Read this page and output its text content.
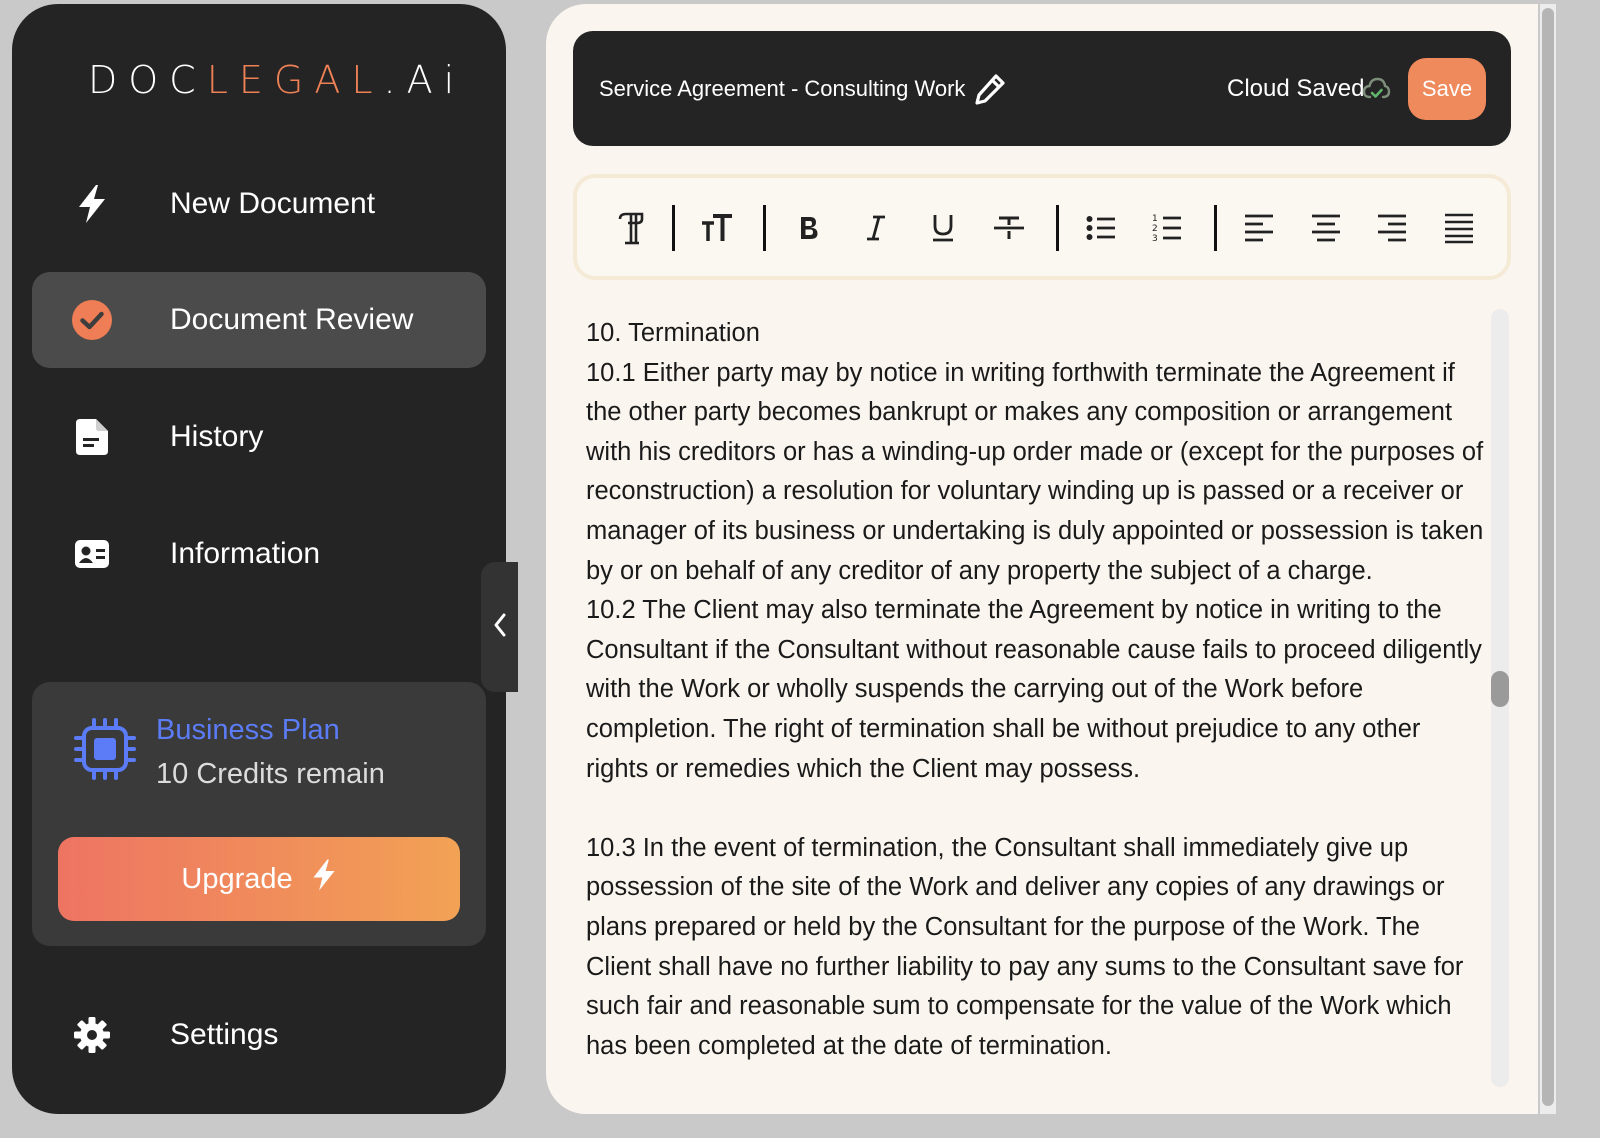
DOCLEGAL.Ai
New Document
Document Review
History
Information
Business Plan
10 Credits remain
Upgrade
Settings
Service Agreement - Consulting Work	Cloud Saved	Save
1
2
3
10. Termination
10.1 Either party may by notice in writing forthwith terminate the Agreement if the other party becomes bankrupt or makes any composition or arrangement with his creditors or has a winding-up order made or (except for the purposes of reconstruction) a resolution for voluntary winding up is passed or a receiver or manager of its business or undertaking is duly appointed or possession is taken by or on behalf of any creditor of any property the subject of a charge.
10.2 The Client may also terminate the Agreement by notice in writing to the Consultant if the Consultant without reasonable cause fails to proceed diligently with the Work or wholly suspends the carrying out of the Work before completion. The right of termination shall be without prejudice to any other rights or remedies which the Client may possess.

10.3 In the event of termination, the Consultant shall immediately give up possession of the site of the Work and deliver any copies of any drawings or plans prepared or held by the Consultant for the purpose of the Work. The Client shall have no further liability to pay any sums to the Consultant save for such fair and reasonable sum to compensate for the value of the Work which has been completed at the date of termination.
